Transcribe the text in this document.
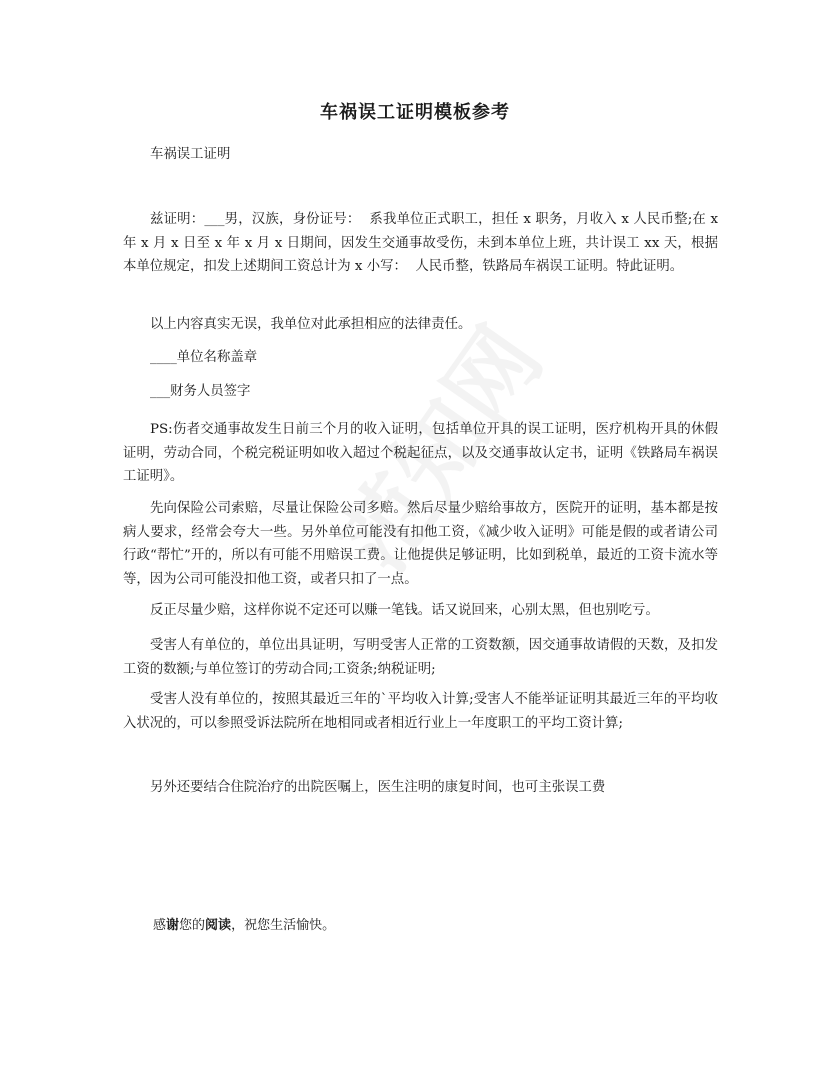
车祸误工证明模板参考

车祸误工证明

兹证明：___男，汉族，身份证号：  系我单位正式职工，担任 x 职务，月收入 x 人民币整;在 x 年 x 月 x 日至 x 年 x 月 x 日期间，因发生交通事故受伤，未到本单位上班，共计误工 xx 天，根据本单位规定，扣发上述期间工资总计为 x 小写：  人民币整，铁路局车祸误工证明。特此证明。

以上内容真实无误，我单位对此承担相应的法律责任。

____单位名称盖章

___财务人员签字

PS:伤者交通事故发生日前三个月的收入证明，包括单位开具的误工证明，医疗机构开具的休假证明，劳动合同，个税完税证明如收入超过个税起征点，以及交通事故认定书，证明《铁路局车祸误工证明》。

先向保险公司索赔，尽量让保险公司多赔。然后尽量少赔给事故方，医院开的证明，基本都是按病人要求，经常会夸大一些。另外单位可能没有扣他工资，《减少收入证明》可能是假的或者请公司行政“帮忙”开的，所以有可能不用赔误工费。让他提供足够证明，比如到税单，最近的工资卡流水等等，因为公司可能没扣他工资，或者只扣了一点。

反正尽量少赔，这样你说不定还可以赚一笔钱。话又说回来，心别太黑，但也别吃亏。

受害人有单位的，单位出具证明，写明受害人正常的工资数额，因交通事故请假的天数，及扣发工资的数额;与单位签订的劳动合同;工资条;纳税证明;

受害人没有单位的，按照其最近三年的`平均收入计算;受害人不能举证证明其最近三年的平均收入状况的，可以参照受诉法院所在地相同或者相近行业上一年度职工的平均工资计算;

另外还要结合住院治疗的出院医嘱上，医生注明的康复时间，也可主张误工费

感谢您的阅读，祝您生活愉快。
